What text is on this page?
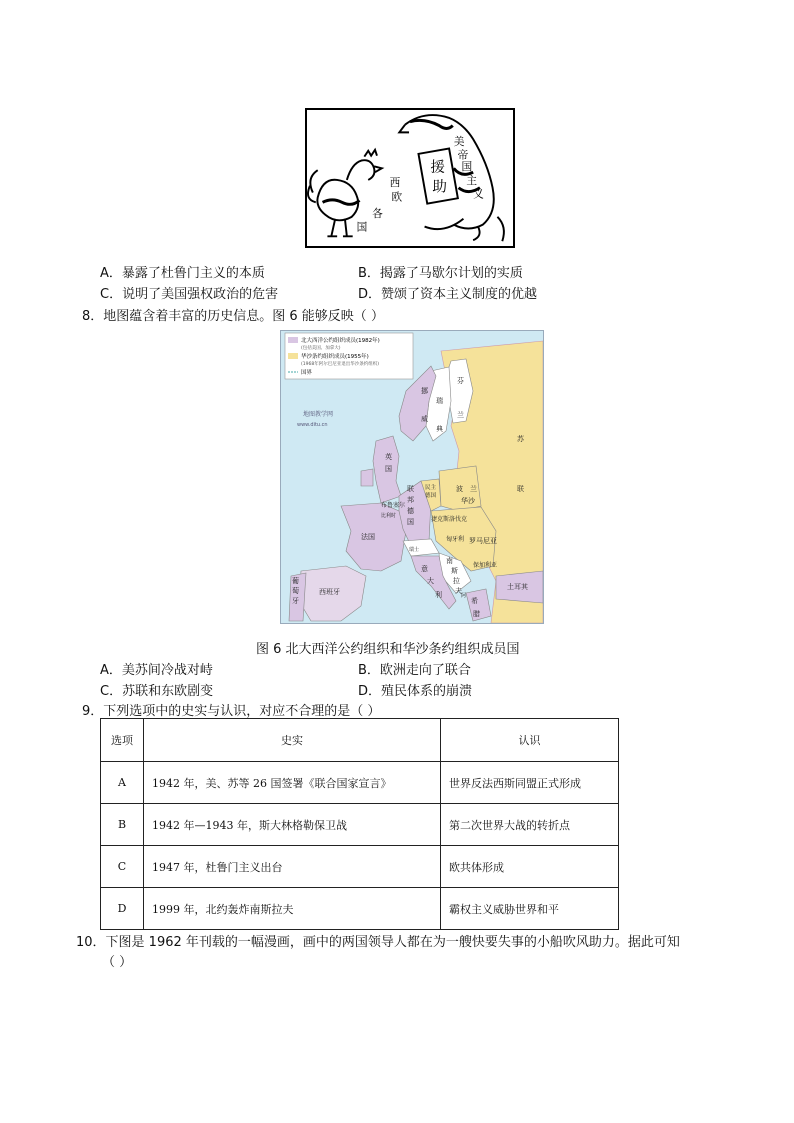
援
助
西
欧
各
国
美
帝
国
主
义
A．暴露了杜鲁门主义的本质	B．揭露了马歇尔计划的实质
C．说明了美国强权政治的危害	D．赞颂了资本主义制度的优越
8．地图蕴含着丰富的历史信息。图 6 能够反映（ ）
北大西洋公约组织成员(1982年)
(包括美国、加拿大)
华沙条约组织成员(1955年)
(1968年阿尔巴尼亚退出华沙条约组织)
国界
地图教学网
www.ditu.cn
苏
联
英
国
法国
西班牙
葡
萄
牙
挪
威
瑞
典
芬
兰
波　兰
华沙
布鲁塞尔
比利时
联
邦
德
国
民主
德国
捷克斯洛伐克
匈牙利 罗马尼亚
保加利亚
南
斯
拉
夫
意
大
利
希
腊
土耳其
阿
瑞士
图 6 北大西洋公约组织和华沙条约组织成员国
A．美苏间冷战对峙	B．欧洲走向了联合
C．苏联和东欧剧变	D．殖民体系的崩溃
9．下列选项中的史实与认识，对应不合理的是（ ）
选项	史实	认识
A	1942 年，美、苏等 26 国签署《联合国家宣言》	世界反法西斯同盟正式形成
B	1942 年—1943 年，斯大林格勒保卫战	第二次世界大战的转折点
C	1947 年，杜鲁门主义出台	欧共体形成
D	1999 年，北约轰炸南斯拉夫	霸权主义威胁世界和平
10．下图是 1962 年刊载的一幅漫画，画中的两国领导人都在为一艘快要失事的小船吹风助力。据此可知
（ ）
